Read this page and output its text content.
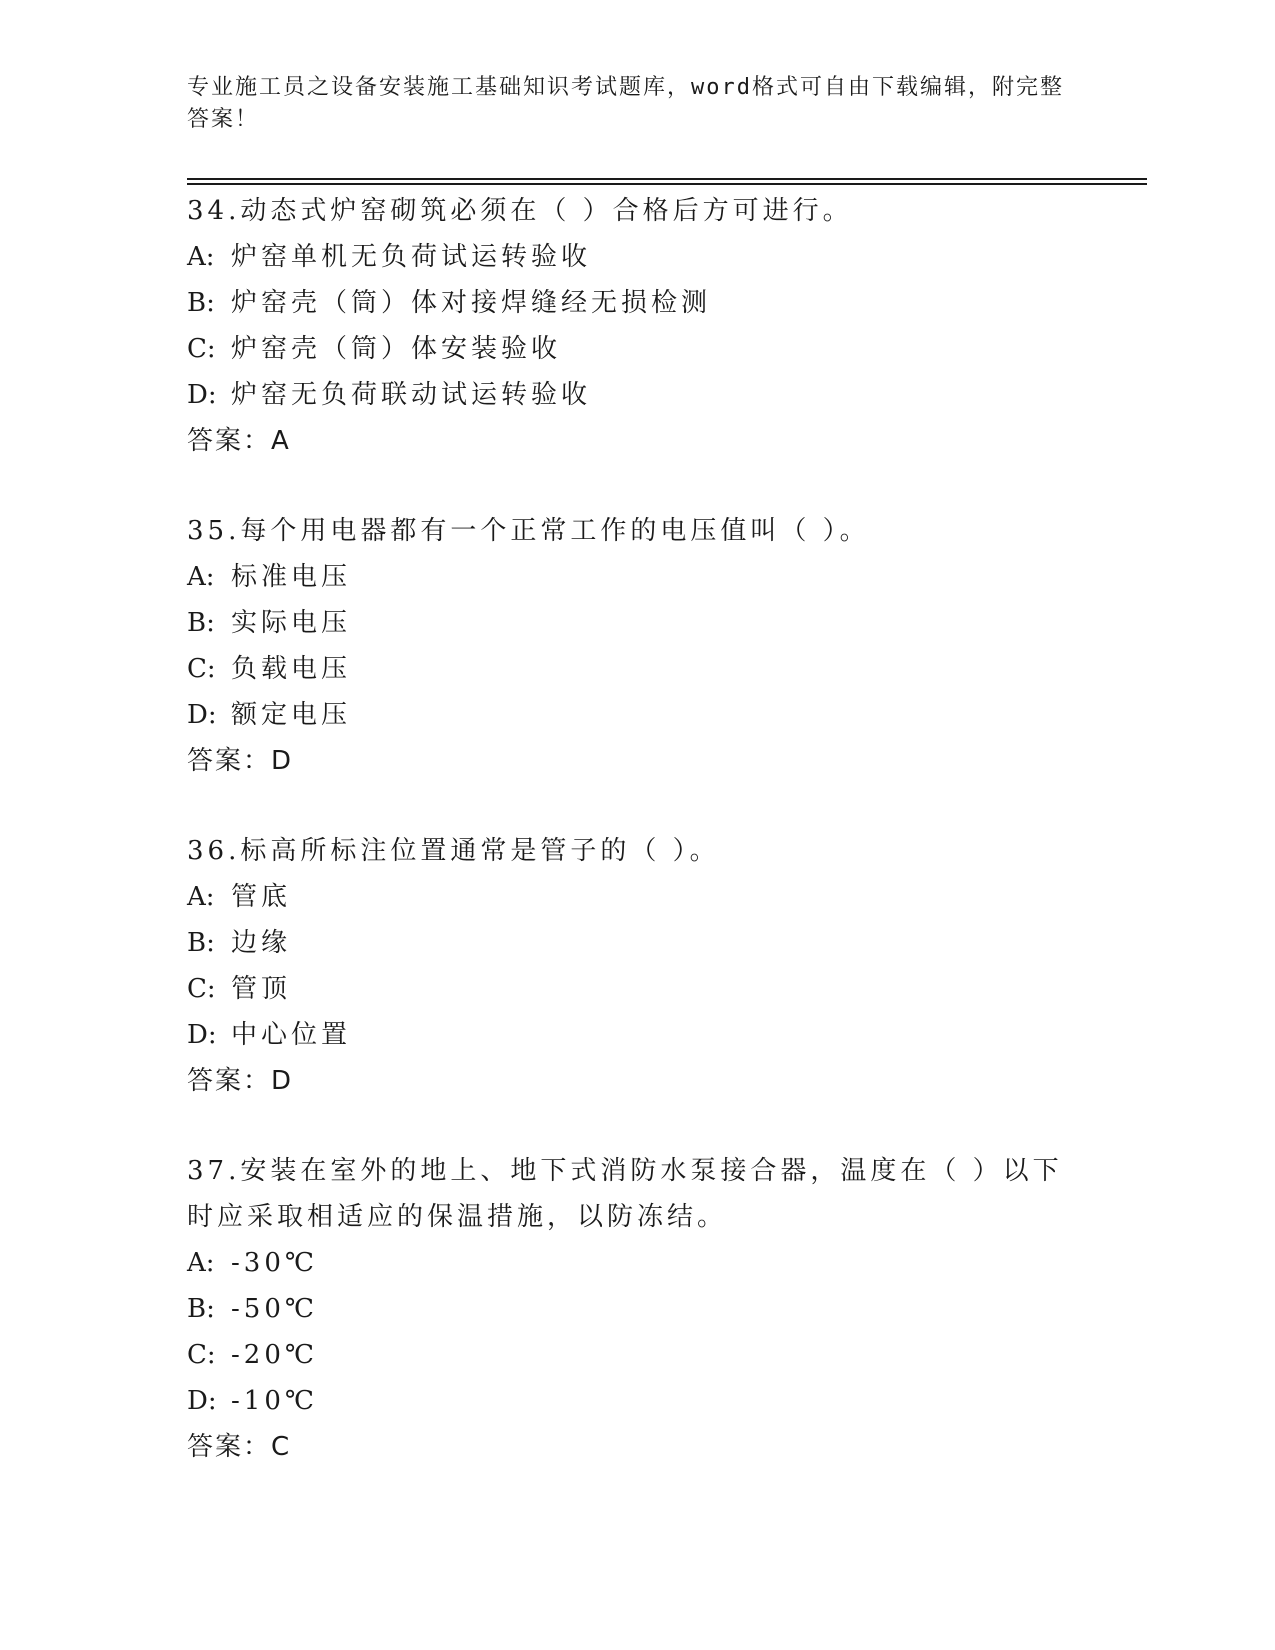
专业施工员之设备安装施工基础知识考试题库，word格式可自由下载编辑，附完整答案！

34.动态式炉窑砌筑必须在（ ）合格后方可进行。

A: 炉窑单机无负荷试运转验收

B: 炉窑壳（筒）体对接焊缝经无损检测

C: 炉窑壳（筒）体安装验收

D: 炉窑无负荷联动试运转验收

答案：A

35.每个用电器都有一个正常工作的电压值叫（ ）。

A: 标准电压

B: 实际电压

C: 负载电压

D: 额定电压

答案：D

36.标高所标注位置通常是管子的（ ）。

A: 管底

B: 边缘

C: 管顶

D: 中心位置

答案：D

37.安装在室外的地上、地下式消防水泵接合器，温度在（ ）以下时应采取相适应的保温措施，以防冻结。

A: -30℃

B: -50℃

C: -20℃

D: -10℃

答案：C
